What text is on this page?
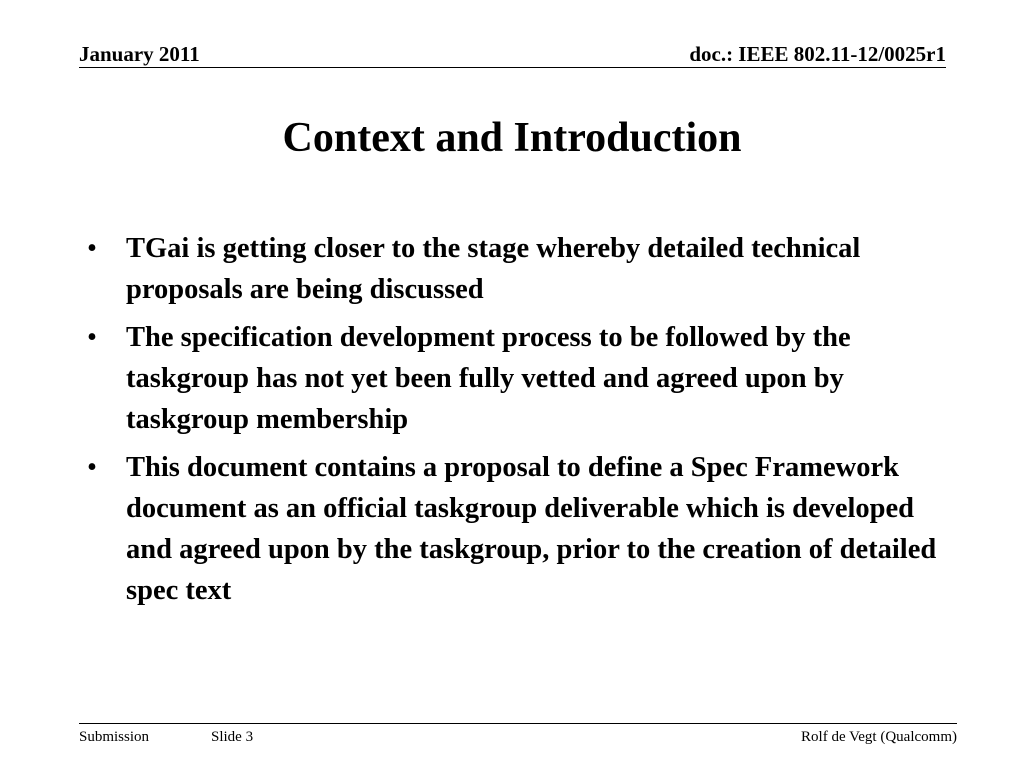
January 2011	doc.: IEEE 802.11-12/0025r1
Context and Introduction
• TGai is getting closer to the stage whereby detailed technical proposals are being discussed
• The specification development process to be followed by the taskgroup has not yet been fully vetted and agreed upon by taskgroup membership
• This document contains a proposal to define a Spec Framework document as an official taskgroup deliverable which is developed and agreed upon by the taskgroup, prior to the creation of detailed spec text
Submission	Slide 3	Rolf de Vegt (Qualcomm)
